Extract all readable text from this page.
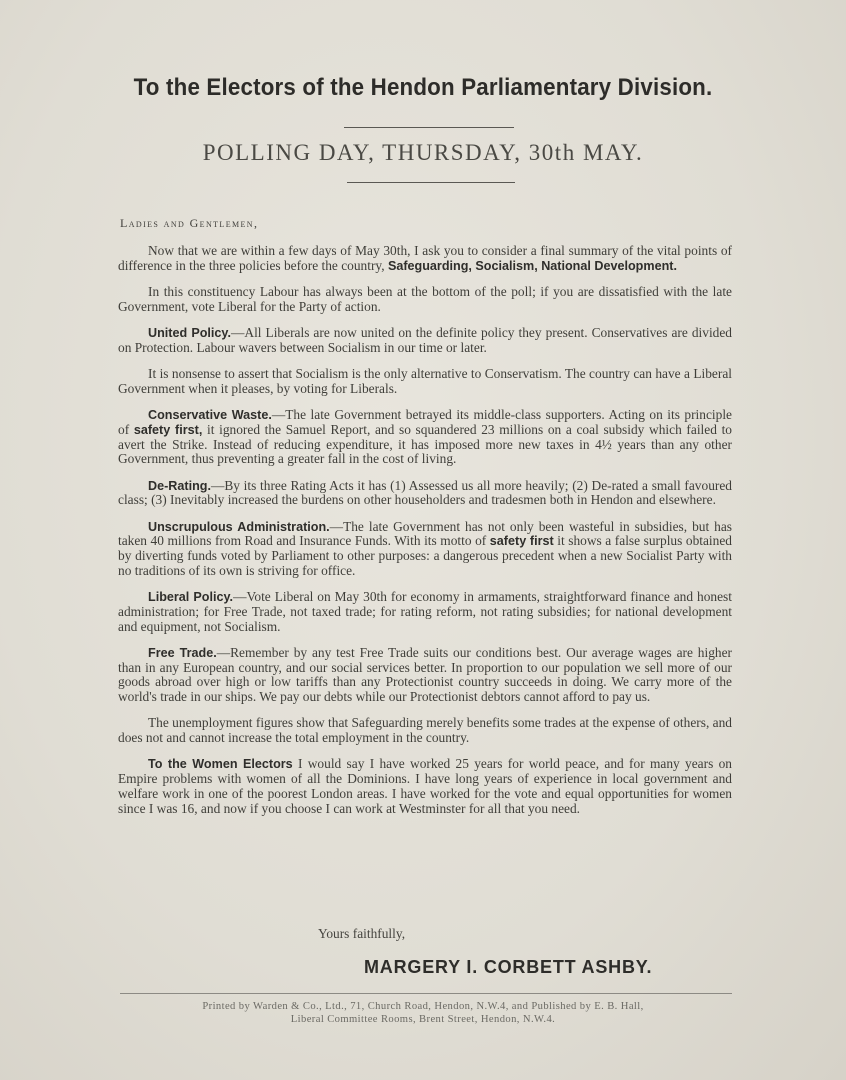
To the Electors of the Hendon Parliamentary Division.
POLLING DAY, THURSDAY, 30th MAY.
Ladies and Gentlemen,

Now that we are within a few days of May 30th, I ask you to consider a final summary of the vital points of difference in the three policies before the country, Safeguarding, Socialism, National Development.

In this constituency Labour has always been at the bottom of the poll; if you are dissatisfied with the late Government, vote Liberal for the Party of action.

United Policy.—All Liberals are now united on the definite policy they present. Conservatives are divided on Protection. Labour wavers between Socialism in our time or later.

It is nonsense to assert that Socialism is the only alternative to Conservatism. The country can have a Liberal Government when it pleases, by voting for Liberals.

Conservative Waste.—The late Government betrayed its middle-class supporters. Acting on its principle of safety first, it ignored the Samuel Report, and so squandered 23 millions on a coal subsidy which failed to avert the Strike. Instead of reducing expenditure, it has imposed more new taxes in 4½ years than any other Government, thus preventing a greater fall in the cost of living.

De-Rating.—By its three Rating Acts it has (1) Assessed us all more heavily; (2) De-rated a small favoured class; (3) Inevitably increased the burdens on other householders and tradesmen both in Hendon and elsewhere.

Unscrupulous Administration.—The late Government has not only been wasteful in subsidies, but has taken 40 millions from Road and Insurance Funds. With its motto of safety first it shows a false surplus obtained by diverting funds voted by Parliament to other purposes: a dangerous precedent when a new Socialist Party with no traditions of its own is striving for office.

Liberal Policy.—Vote Liberal on May 30th for economy in armaments, straightforward finance and honest administration; for Free Trade, not taxed trade; for rating reform, not rating subsidies; for national development and equipment, not Socialism.

Free Trade.—Remember by any test Free Trade suits our conditions best. Our average wages are higher than in any European country, and our social services better. In proportion to our population we sell more of our goods abroad over high or low tariffs than any Protectionist country succeeds in doing. We carry more of the world's trade in our ships. We pay our debts while our Protectionist debtors cannot afford to pay us.

The unemployment figures show that Safeguarding merely benefits some trades at the expense of others, and does not and cannot increase the total employment in the country.

To the Women Electors I would say I have worked 25 years for world peace, and for many years on Empire problems with women of all the Dominions. I have long years of experience in local government and welfare work in one of the poorest London areas. I have worked for the vote and equal opportunities for women since I was 16, and now if you choose I can work at Westminster for all that you need.

Yours faithfully,
MARGERY I. CORBETT ASHBY.
Printed by Warden & Co., Ltd., 71, Church Road, Hendon, N.W.4, and Published by E. B. Hall,
Liberal Committee Rooms, Brent Street, Hendon, N.W.4.
